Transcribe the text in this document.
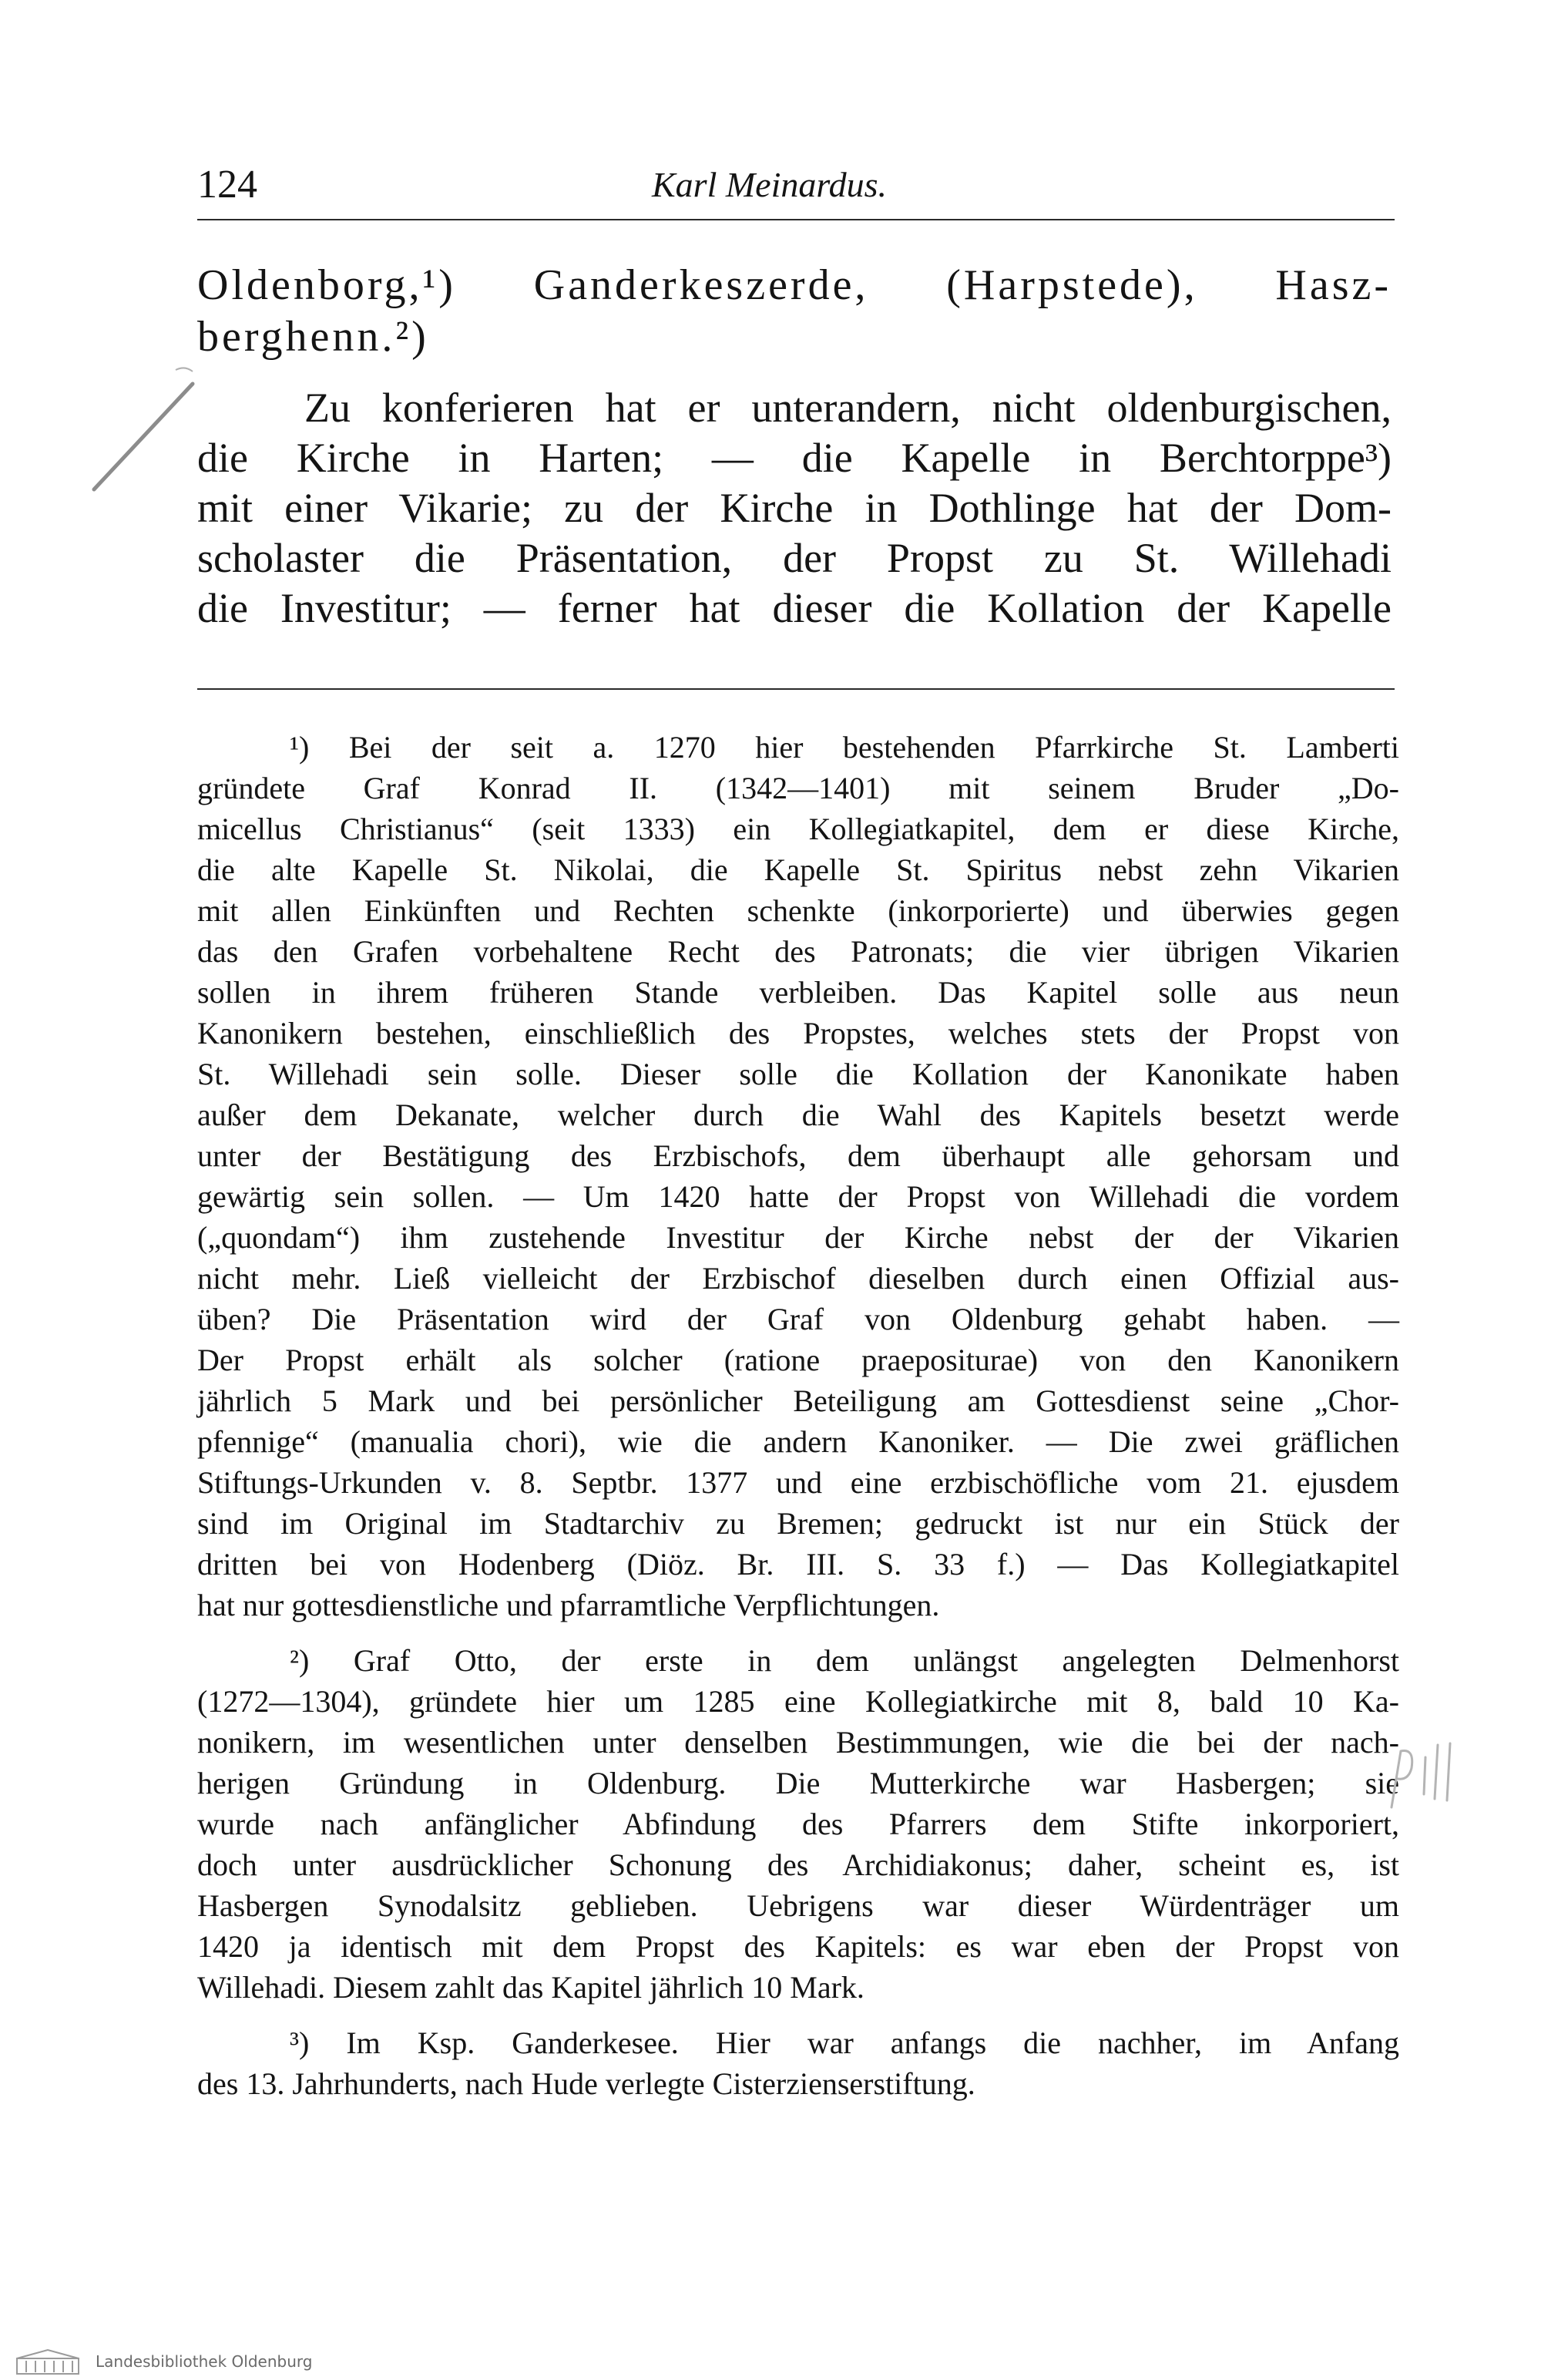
124	Karl Meinardus.
Oldenborg,¹) Ganderkeszerde, (Harpstede), Hasz-
berghenn.²)
Zu konferieren hat er unterandern, nicht oldenburgischen,
die Kirche in Harten; — die Kapelle in Berchtorppe³)
mit einer Vikarie; zu der Kirche in Dothlinge hat der Dom-
scholaster die Präsentation, der Propst zu St. Willehadi
die Investitur; — ferner hat dieser die Kollation der Kapelle
¹) Bei der seit a. 1270 hier bestehenden Pfarrkirche St. Lamberti
gründete Graf Konrad II. (1342—1401) mit seinem Bruder „Do-
micellus Christianus“ (seit 1333) ein Kollegiatkapitel, dem er diese Kirche,
die alte Kapelle St. Nikolai, die Kapelle St. Spiritus nebst zehn Vikarien
mit allen Einkünften und Rechten schenkte (inkorporierte) und überwies gegen
das den Grafen vorbehaltene Recht des Patronats; die vier übrigen Vikarien
sollen in ihrem früheren Stande verbleiben. Das Kapitel solle aus neun
Kanonikern bestehen, einschließlich des Propstes, welches stets der Propst von
St. Willehadi sein solle. Dieser solle die Kollation der Kanonikate haben
außer dem Dekanate, welcher durch die Wahl des Kapitels besetzt werde
unter der Bestätigung des Erzbischofs, dem überhaupt alle gehorsam und
gewärtig sein sollen. — Um 1420 hatte der Propst von Willehadi die vordem
(„quondam“) ihm zustehende Investitur der Kirche nebst der der Vikarien
nicht mehr. Ließ vielleicht der Erzbischof dieselben durch einen Offizial aus-
üben? Die Präsentation wird der Graf von Oldenburg gehabt haben. —
Der Propst erhält als solcher (ratione praepositurae) von den Kanonikern
jährlich 5 Mark und bei persönlicher Beteiligung am Gottesdienst seine „Chor-
pfennige“ (manualia chori), wie die andern Kanoniker. — Die zwei gräflichen
Stiftungs-Urkunden v. 8. Septbr. 1377 und eine erzbischöfliche vom 21. ejusdem
sind im Original im Stadtarchiv zu Bremen; gedruckt ist nur ein Stück der
dritten bei von Hodenberg (Diöz. Br. III. S. 33 f.) — Das Kollegiatkapitel
hat nur gottesdienstliche und pfarramtliche Verpflichtungen.
²) Graf Otto, der erste in dem unlängst angelegten Delmenhorst
(1272—1304), gründete hier um 1285 eine Kollegiatkirche mit 8, bald 10 Ka-
nonikern, im wesentlichen unter denselben Bestimmungen, wie die bei der nach-
herigen Gründung in Oldenburg. Die Mutterkirche war Hasbergen; sie
wurde nach anfänglicher Abfindung des Pfarrers dem Stifte inkorporiert,
doch unter ausdrücklicher Schonung des Archidiakonus; daher, scheint es, ist
Hasbergen Synodalsitz geblieben. Uebrigens war dieser Würdenträger um
1420 ja identisch mit dem Propst des Kapitels: es war eben der Propst von
Willehadi. Diesem zahlt das Kapitel jährlich 10 Mark.
³) Im Ksp. Ganderkesee. Hier war anfangs die nachher, im Anfang
des 13. Jahrhunderts, nach Hude verlegte Cisterzienserstiftung.
Landesbibliothek Oldenburg
